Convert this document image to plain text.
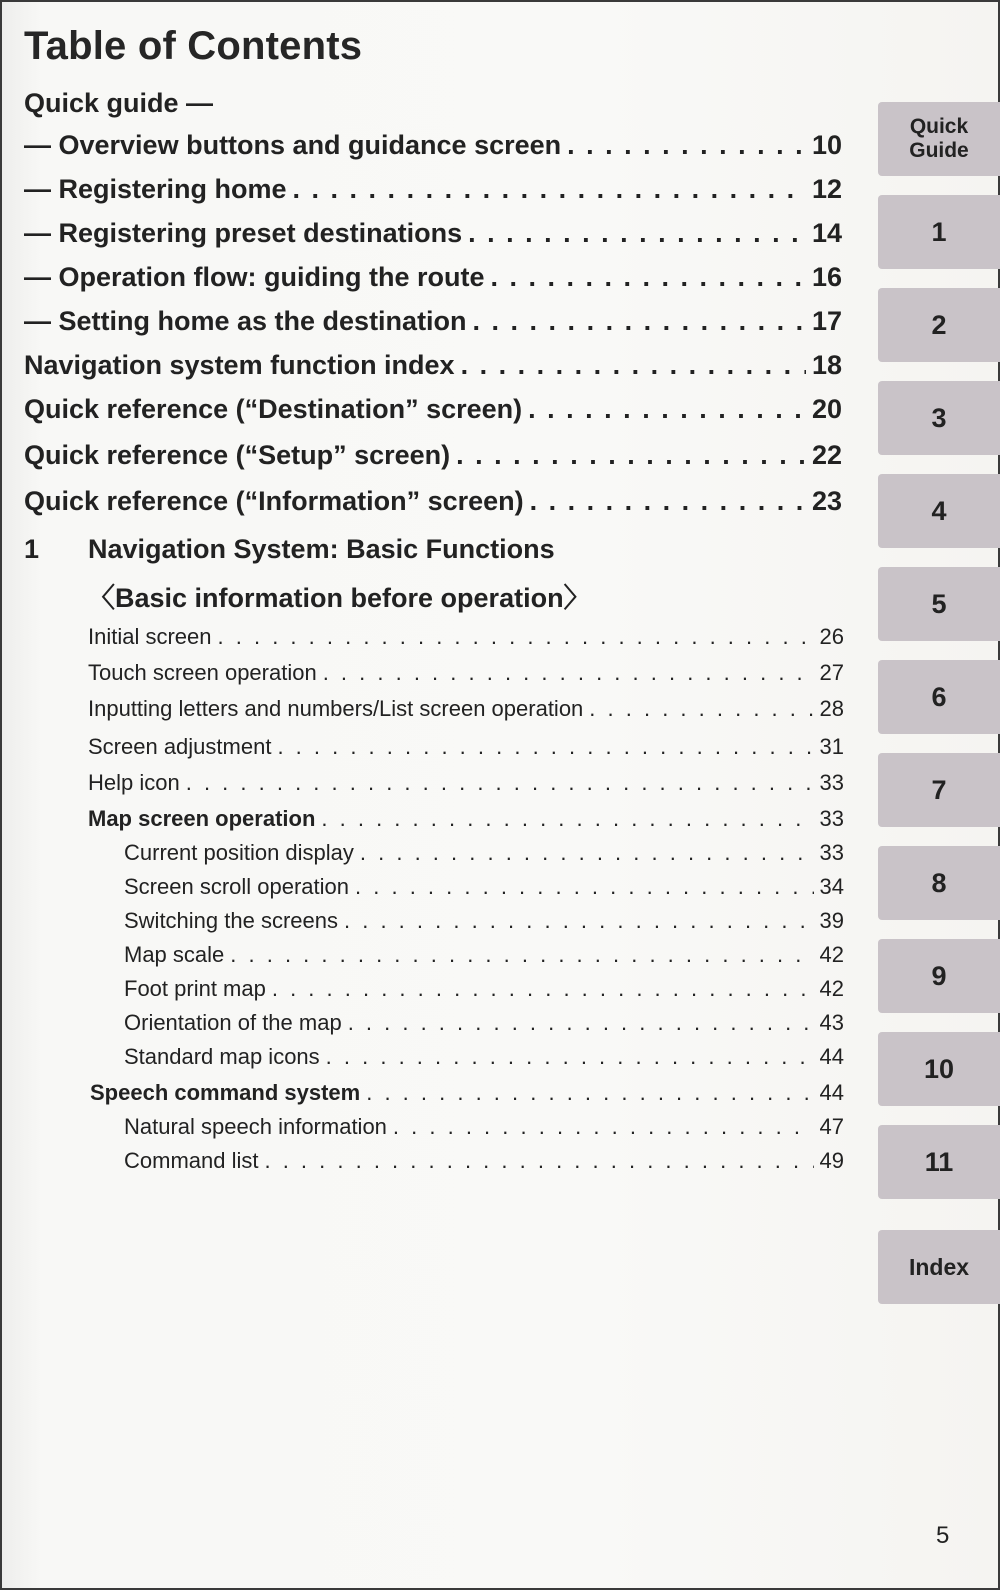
Table of Contents
Quick guide —
— Overview buttons and guidance screen . . .	10
— Registering home . . .	12
— Registering preset destinations . . .	14
— Operation flow: guiding the route . . .	16
— Setting home as the destination . . .	17
Navigation system function index . . .	18
Quick reference (“Destination” screen) . . .	20
Quick reference (“Setup” screen) . . .	22
Quick reference (“Information” screen) . . .	23
1 Navigation System: Basic Functions
〈Basic information before operation〉
Initial screen . . .	26
Touch screen operation . . .	27
Inputting letters and numbers/List screen operation . . .	28
Screen adjustment . . .	31
Help icon . . .	33
Map screen operation . . .	33
Current position display . . .	33
Screen scroll operation . . .	34
Switching the screens . . .	39
Map scale . . .	42
Foot print map . . .	42
Orientation of the map . . .	43
Standard map icons . . .	44
Speech command system . . .	44
Natural speech information . . .	47
Command list . . .	49
Quick Guide
1
2
3
4
5
6
7
8
9
10
11
Index
5
